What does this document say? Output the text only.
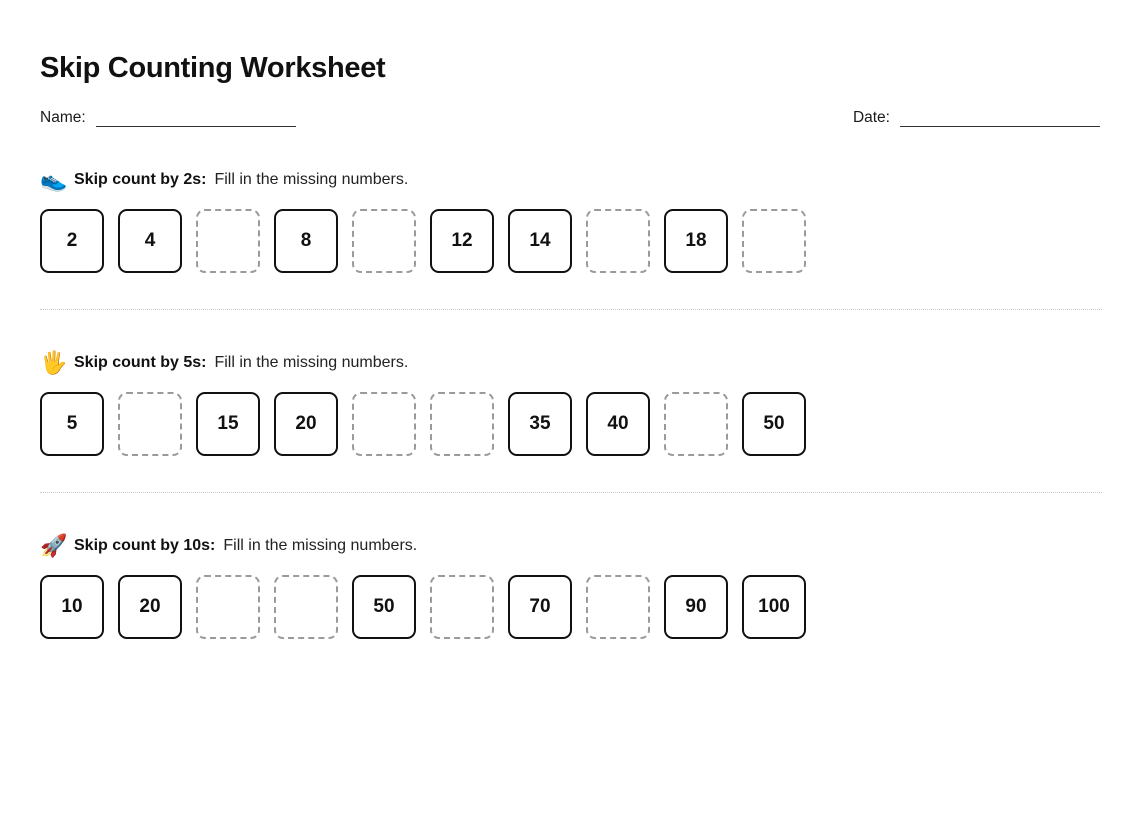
Skip Counting Worksheet
Name:	Date:
👟 Skip count by 2s: Fill in the missing numbers.
2	4	8	12	14	18
🖐 Skip count by 5s: Fill in the missing numbers.
5	15	20	35	40	50
🚀 Skip count by 10s: Fill in the missing numbers.
10	20	50	70	90	100
